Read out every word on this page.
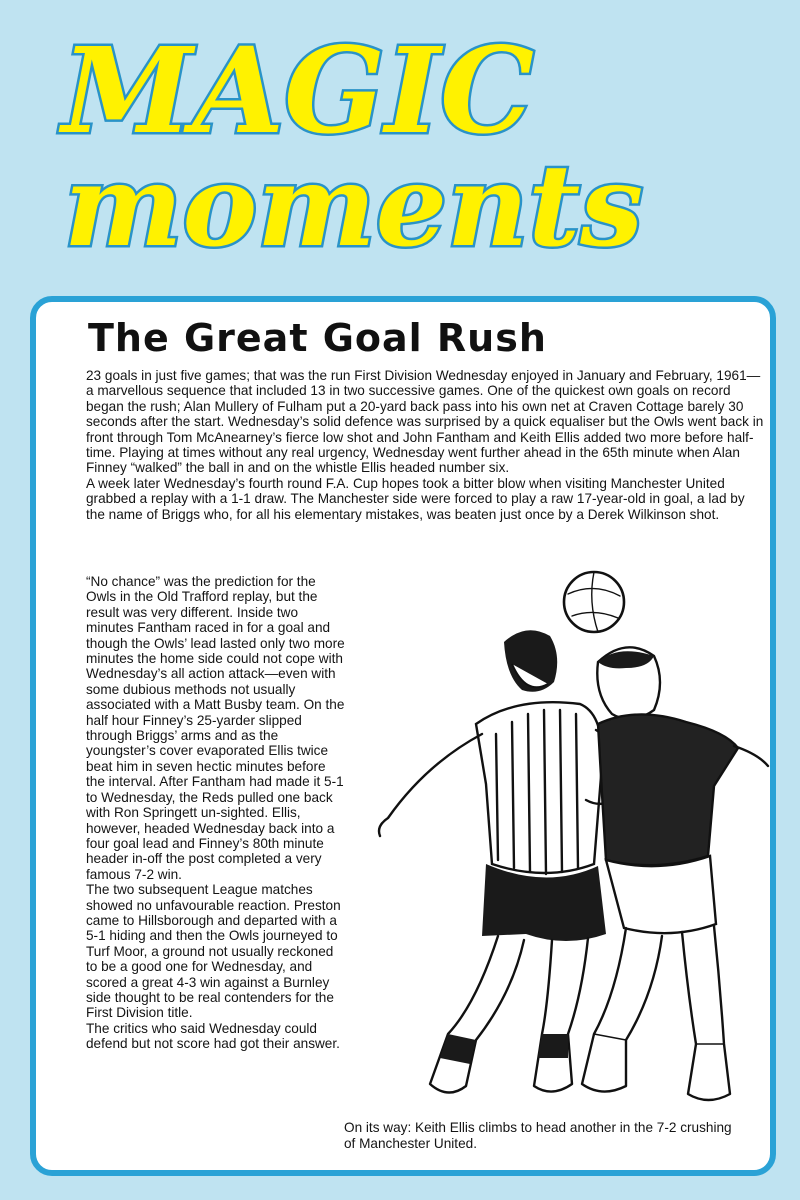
MAGIC
moments
The Great Goal Rush

23 goals in just five games; that was the run First Division Wednesday enjoyed in January and February, 1961—a marvellous sequence that included 13 in two successive games. One of the quickest own goals on record began the rush; Alan Mullery of Fulham put a 20-yard back pass into his own net at Craven Cottage barely 30 seconds after the start. Wednesday’s solid defence was surprised by a quick equaliser but the Owls went back in front through Tom McAnearney’s fierce low shot and John Fantham and Keith Ellis added two more before half-time. Playing at times without any real urgency, Wednesday went further ahead in the 65th minute when Alan Finney “walked” the ball in and on the whistle Ellis headed number six.

A week later Wednesday’s fourth round F.A. Cup hopes took a bitter blow when visiting Manchester United grabbed a replay with a 1-1 draw. The Manchester side were forced to play a raw 17-year-old in goal, a lad by the name of Briggs who, for all his elementary mistakes, was beaten just once by a Derek Wilkinson shot.

“No chance” was the prediction for the Owls in the Old Trafford replay, but the result was very different. Inside two minutes Fantham raced in for a goal and though the Owls’ lead lasted only two more minutes the home side could not cope with Wednesday’s all action attack—even with some dubious methods not usually associated with a Matt Busby team. On the half hour Finney’s 25-yarder slipped through Briggs’ arms and as the youngster’s cover evaporated Ellis twice beat him in seven hectic minutes before the interval. After Fantham had made it 5-1 to Wednesday, the Reds pulled one back with Ron Springett un-sighted. Ellis, however, headed Wednesday back into a four goal lead and Finney’s 80th minute header in-off the post completed a very famous 7-2 win.

The two subsequent League matches showed no unfavourable reaction. Preston came to Hillsborough and departed with a 5-1 hiding and then the Owls journeyed to Turf Moor, a ground not usually reckoned to be a good one for Wednesday, and scored a great 4-3 win against a Burnley side thought to be real contenders for the First Division title.

The critics who said Wednesday could defend but not score had got their answer.

On its way: Keith Ellis climbs to head another in the 7-2 crushing of Manchester United.
